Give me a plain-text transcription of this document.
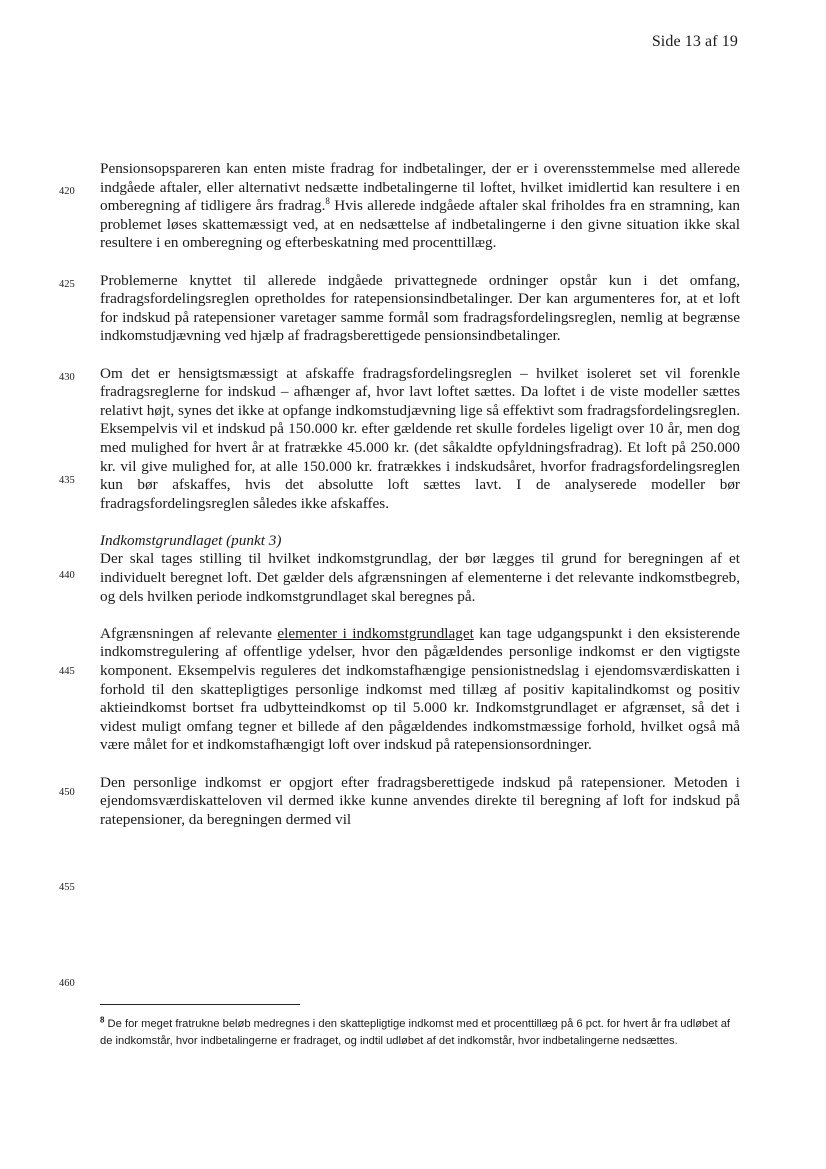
Side 13 af 19
420
425
430
435
440
445
450
455
460

Pensionsopspareren kan enten miste fradrag for indbetalinger, der er i overensstemmelse med allerede indgåede aftaler, eller alternativt nedsætte indbetalingerne til loftet, hvilket imidlertid kan resultere i en omberegning af tidligere års fradrag.$^8$ Hvis allerede indgåede aftaler skal friholdes fra en stramning, kan problemet løses skattemæssigt ved, at en nedsættelse af indbetalingerne i den givne situation ikke skal resultere i en omberegning og efterbeskatning med procenttillæg.

Problemerne knyttet til allerede indgåede privattegnede ordninger opstår kun i det omfang, fradragsfordelingsreglen opretholdes for ratepensionsindbetalinger. Der kan argumenteres for, at et loft for indskud på ratepensioner varetager samme formål som fradragsfordelingsreglen, nemlig at begrænse indkomstudjævning ved hjælp af fradragsberettigede pensionsindbetalinger.

Om det er hensigtsmæssigt at afskaffe fradragsfordelingsreglen – hvilket isoleret set vil forenkle fradragsreglerne for indskud – afhænger af, hvor lavt loftet sættes. Da loftet i de viste modeller sættes relativt højt, synes det ikke at opfange indkomstudjævning lige så effektivt som fradragsfordelingsreglen. Eksempelvis vil et indskud på 150.000 kr. efter gældende ret skulle fordeles ligeligt over 10 år, men dog med mulighed for hvert år at fratrække 45.000 kr. (det såkaldte opfyldningsfradrag). Et loft på 250.000 kr. vil give mulighed for, at alle 150.000 kr. fratrækkes i indskudsåret, hvorfor fradragsfordelingsreglen kun bør afskaffes, hvis det absolutte loft sættes lavt. I de analyserede modeller bør fradragsfordelingsreglen således ikke afskaffes.

Indkomstgrundlaget (punkt 3)

Der skal tages stilling til hvilket indkomstgrundlag, der bør lægges til grund for beregningen af et individuelt beregnet loft. Det gælder dels afgrænsningen af elementerne i det relevante indkomstbegreb, og dels hvilken periode indkomstgrundlaget skal beregnes på.

Afgrænsningen af relevante elementer i indkomstgrundlaget kan tage udgangspunkt i den eksisterende indkomstregulering af offentlige ydelser, hvor den pågældendes personlige indkomst er den vigtigste komponent. Eksempelvis reguleres det indkomstafhængige pensionistnedslag i ejendomsværdiskatten i forhold til den skattepligtiges personlige indkomst med tillæg af positiv kapitalindkomst og positiv aktieindkomst bortset fra udbytteindkomst op til 5.000 kr. Indkomstgrundlaget er afgrænset, så det i videst muligt omfang tegner et billede af den pågældendes indkomstmæssige forhold, hvilket også må være målet for et indkomstafhængigt loft over indskud på ratepensionsordninger.

Den personlige indkomst er opgjort efter fradragsberettigede indskud på ratepensioner. Metoden i ejendomsværdiskatteloven vil dermed ikke kunne anvendes direkte til beregning af loft for indskud på ratepensioner, da beregningen dermed vil

$^8$ De for meget fratrukne beløb medregnes i den skattepligtige indkomst med et procenttillæg på 6 pct. for hvert år fra udløbet af de indkomstår, hvor indbetalingerne er fradraget, og indtil udløbet af det indkomstår, hvor indbetalingerne nedsættes.
